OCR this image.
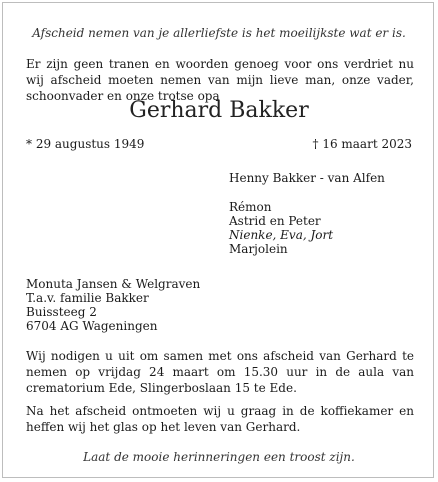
Afscheid nemen van je allerliefste is het moeilijkste wat er is.
Er zijn geen tranen en woorden genoeg voor ons verdriet nu wij afscheid moeten nemen van mijn lieve man, onze vader, schoonvader en onze trotse opa
Gerhard Bakker
* 29 augustus 1949	† 16 maart 2023
Henny Bakker - van Alfen
Rémon
Astrid en Peter
Nienke, Eva, Jort
Marjolein
Monuta Jansen & Welgraven
T.a.v. familie Bakker
Buissteeg 2
6704 AG Wageningen
Wij nodigen u uit om samen met ons afscheid van Gerhard te nemen op vrijdag 24 maart om 15.30 uur in de aula van crematorium Ede, Slingerboslaan 15 te Ede.
Na het afscheid ontmoeten wij u graag in de koffiekamer en heffen wij het glas op het leven van Gerhard.
Laat de mooie herinneringen een troost zijn.
